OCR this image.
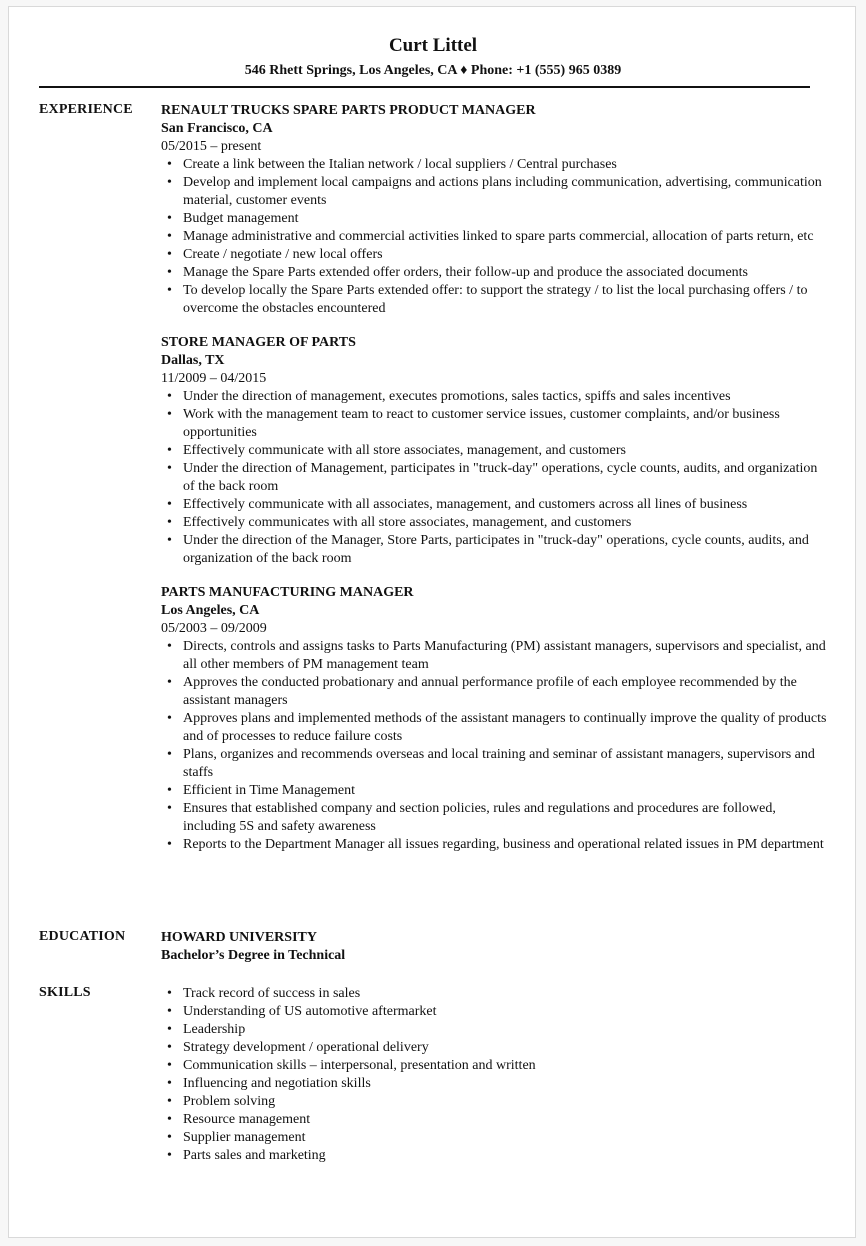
Curt Littel
546 Rhett Springs, Los Angeles, CA ♦ Phone: +1 (555) 965 0389
EXPERIENCE RENAULT TRUCKS SPARE PARTS PRODUCT MANAGER
San Francisco, CA
05/2015 – present
• Create a link between the Italian network / local suppliers / Central purchases
• Develop and implement local campaigns and actions plans including communication, advertising, communication material, customer events
• Budget management
• Manage administrative and commercial activities linked to spare parts commercial, allocation of parts return, etc
• Create / negotiate / new local offers
• Manage the Spare Parts extended offer orders, their follow-up and produce the associated documents
• To develop locally the Spare Parts extended offer: to support the strategy / to list the local purchasing offers / to overcome the obstacles encountered
STORE MANAGER OF PARTS
Dallas, TX
11/2009 – 04/2015
• Under the direction of management, executes promotions, sales tactics, spiffs and sales incentives
• Work with the management team to react to customer service issues, customer complaints, and/or business opportunities
• Effectively communicate with all store associates, management, and customers
• Under the direction of Management, participates in "truck-day" operations, cycle counts, audits, and organization of the back room
• Effectively communicate with all associates, management, and customers across all lines of business
• Effectively communicates with all store associates, management, and customers
• Under the direction of the Manager, Store Parts, participates in "truck-day" operations, cycle counts, audits, and organization of the back room
PARTS MANUFACTURING MANAGER
Los Angeles, CA
05/2003 – 09/2009
• Directs, controls and assigns tasks to Parts Manufacturing (PM) assistant managers, supervisors and specialist, and all other members of PM management team
• Approves the conducted probationary and annual performance profile of each employee recommended by the assistant managers
• Approves plans and implemented methods of the assistant managers to continually improve the quality of products and of processes to reduce failure costs
• Plans, organizes and recommends overseas and local training and seminar of assistant managers, supervisors and staffs
• Efficient in Time Management
• Ensures that established company and section policies, rules and regulations and procedures are followed, including 5S and safety awareness
• Reports to the Department Manager all issues regarding, business and operational related issues in PM department
EDUCATION	HOWARD UNIVERSITY
Bachelor’s Degree in Technical
SKILLS
•	Track record of success in sales
• Understanding of US automotive aftermarket
• Leadership
• Strategy development / operational delivery
• Communication skills – interpersonal, presentation and written
• Influencing and negotiation skills
• Problem solving
• Resource management
• Supplier management
• Parts sales and marketing
